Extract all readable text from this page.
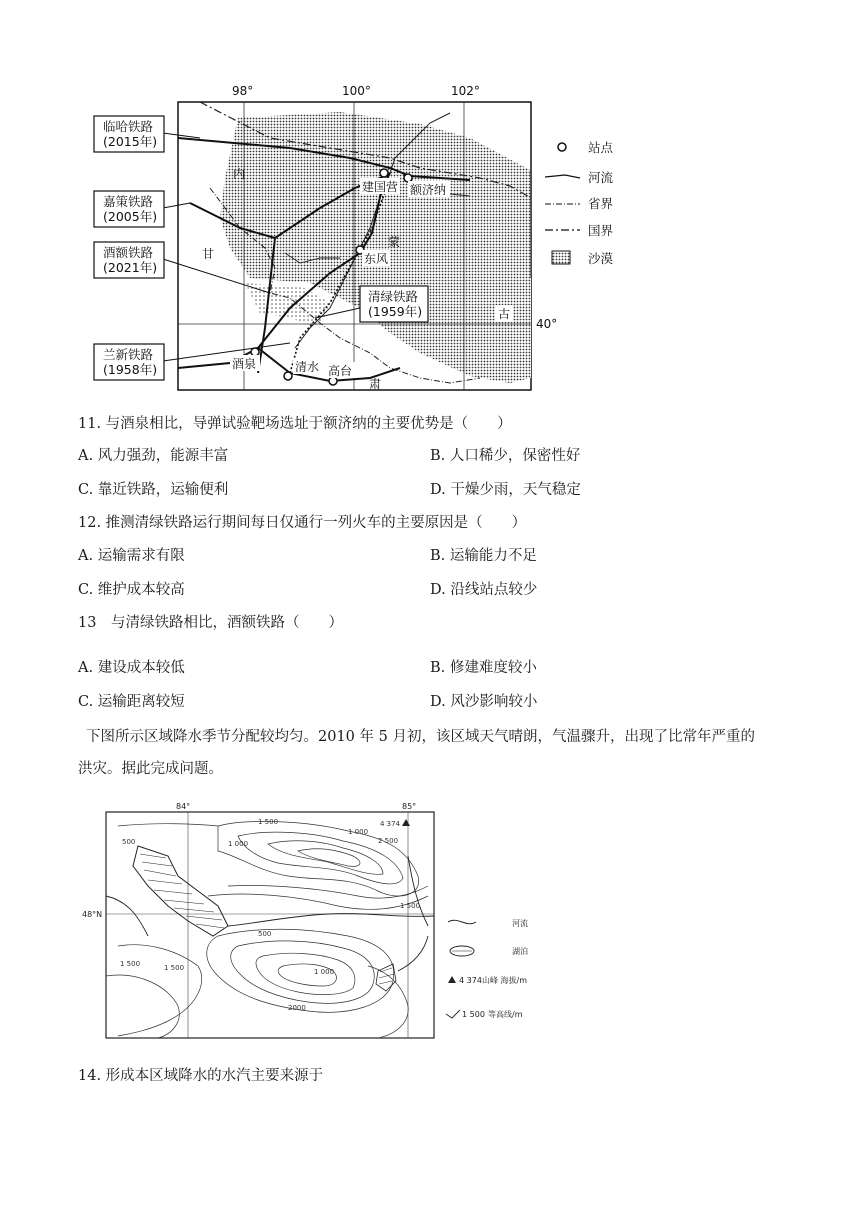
98°	100°	102°
建国营 额济纳
东风
酒泉	清水 高台
内
蒙
古
甘
肃
40°
临哈铁路
(2015年)
嘉策铁路
(2005年)
酒额铁路
(2021年)
清绿铁路
(1959年)
兰新铁路
(1958年)
站点
河流
省界
国界
沙漠
11. 与酒泉相比，导弹试验靶场选址于额济纳的主要优势是（　　）
A. 风力强劲，能源丰富	B. 人口稀少，保密性好
C. 靠近铁路，运输便利	D. 干燥少雨，天气稳定
12. 推测清绿铁路运行期间每日仅通行一列火车的主要原因是（　　）
A. 运输需求有限	B. 运输能力不足
C. 维护成本较高	D. 沿线站点较少
13　与清绿铁路相比，酒额铁路（　　）
A. 建设成本较低	B. 修建难度较小
C. 运输距离较短	D. 风沙影响较小
下图所示区域降水季节分配较均匀。2010 年 5 月初，该区域天气晴朗，气温骤升，出现了比常年严重的
洪灾。据此完成问题。
84°	85°
48°N
4 374
1 500
1 000
500
500
1 500
1 500
2 500
1 000
2000
1 500
1 000
河流
湖泊
4 374 山峰 海拔/m
1 500 等高线/m
14. 形成本区域降水的水汽主要来源于
